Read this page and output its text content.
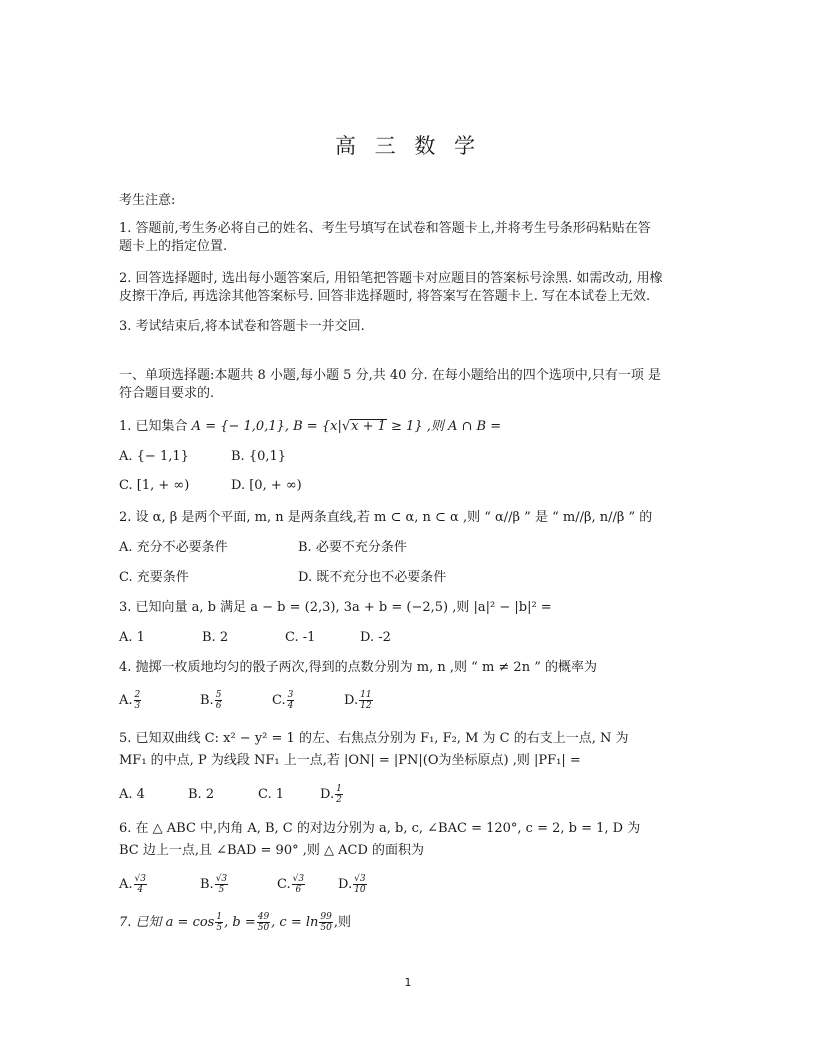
高 三 数 学
考生注意:
1. 答题前,考生务必将自己的姓名、考生号填写在试卷和答题卡上,并将考生号条形码粘贴在答
题卡上的指定位置.
2. 回答选择题时, 选出每小题答案后, 用铅笔把答题卡对应题目的答案标号涂黑. 如需改动, 用橡
皮擦干净后, 再选涂其他答案标号. 回答非选择题时, 将答案写在答题卡上. 写在本试卷上无效.
3. 考试结束后,将本试卷和答题卡一并交回.
一、单项选择题:本题共 8 小题,每小题 5 分,共 40 分. 在每小题给出的四个选项中,只有一项 是
符合题目要求的.
1. 已知集合 A = {− 1,0,1}, B = {x|√x + 1 ≥ 1} ,则 A ∩ B =
A. {− 1,1}	B. {0,1}
C. [1, + ∞)	D. [0, + ∞)
2. 设 α, β 是两个平面, m, n 是两条直线,若 m ⊂ α, n ⊂ α ,则 “ α//β ” 是 “ m//β, n//β ” 的
A. 充分不必要条件	B. 必要不充分条件
C. 充要条件	D. 既不充分也不必要条件
3. 已知向量 a, b 满足 a − b = (2,3), 3a + b = (−2,5) ,则 |a|² − |b|² =
A. 1	B. 2	C. -1	D. -2
4. 抛掷一枚质地均匀的骰子两次,得到的点数分别为 m, n ,则 “ m ≠ 2n ” 的概率为
A. $\frac{2}{3}$	B. $\frac{5}{6}$	C. $\frac{3}{4}$	D. $\frac{11}{12}$
5. 已知双曲线 C: x² − y² = 1 的左、右焦点分别为 F₁, F₂, M 为 C 的右支上一点, N 为
MF₁ 的中点, P 为线段 NF₁ 上一点,若 |ON| = |PN|(O为坐标原点) ,则 |PF₁| =
A. 4	B. 2	C. 1	D. $\frac{1}{2}$
6. 在 △ ABC 中,内角 A, B, C 的对边分别为 a, b, c, ∠BAC = 120°, c = 2, b = 1, D 为
BC 边上一点,且 ∠BAD = 90° ,则 △ ACD 的面积为
A. $\frac{√3}{4}$	B. $\frac{√3}{5}$	C. $\frac{√3}{6}$	D. $\frac{√3}{10}$
7. 已知 $a = \cos \frac{1}{5}$ , $b = \frac{49}{50}$ , $c = \ln \frac{99}{50}$ ,则
1
